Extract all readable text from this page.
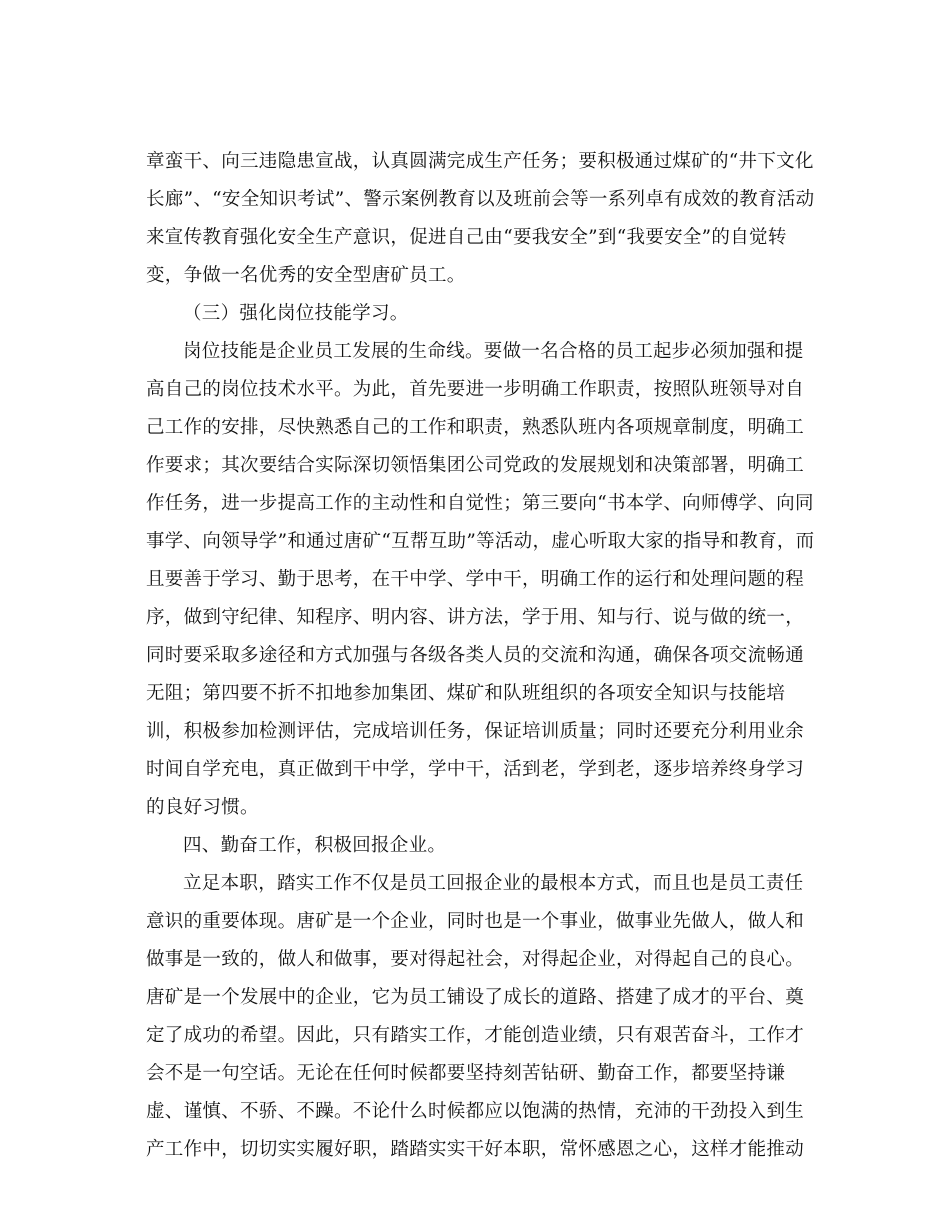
章蛮干、向三违隐患宣战，认真圆满完成生产任务；要积极通过煤矿的“井下文化
长廊”、“安全知识考试”、警示案例教育以及班前会等一系列卓有成效的教育活动
来宣传教育强化安全生产意识，促进自己由“要我安全”到“我要安全”的自觉转
变，争做一名优秀的安全型唐矿员工。
（三）强化岗位技能学习。
岗位技能是企业员工发展的生命线。要做一名合格的员工起步必须加强和提
高自己的岗位技术水平。为此，首先要进一步明确工作职责，按照队班领导对自
己工作的安排，尽快熟悉自己的工作和职责，熟悉队班内各项规章制度，明确工
作要求；其次要结合实际深切领悟集团公司党政的发展规划和决策部署，明确工
作任务，进一步提高工作的主动性和自觉性；第三要向“书本学、向师傅学、向同
事学、向领导学”和通过唐矿“互帮互助”等活动，虚心听取大家的指导和教育，而
且要善于学习、勤于思考，在干中学、学中干，明确工作的运行和处理问题的程
序，做到守纪律、知程序、明内容、讲方法，学于用、知与行、说与做的统一，
同时要采取多途径和方式加强与各级各类人员的交流和沟通，确保各项交流畅通
无阻；第四要不折不扣地参加集团、煤矿和队班组织的各项安全知识与技能培
训，积极参加检测评估，完成培训任务，保证培训质量；同时还要充分利用业余
时间自学充电，真正做到干中学，学中干，活到老，学到老，逐步培养终身学习
的良好习惯。
四、勤奋工作，积极回报企业。
立足本职，踏实工作不仅是员工回报企业的最根本方式，而且也是员工责任
意识的重要体现。唐矿是一个企业，同时也是一个事业，做事业先做人，做人和
做事是一致的，做人和做事，要对得起社会，对得起企业，对得起自己的良心。
唐矿是一个发展中的企业，它为员工铺设了成长的道路、搭建了成才的平台、奠
定了成功的希望。因此，只有踏实工作，才能创造业绩，只有艰苦奋斗，工作才
会不是一句空话。无论在任何时候都要坚持刻苦钻研、勤奋工作，都要坚持谦
虚、谨慎、不骄、不躁。不论什么时候都应以饱满的热情，充沛的干劲投入到生
产工作中，切切实实履好职，踏踏实实干好本职，常怀感恩之心，这样才能推动
